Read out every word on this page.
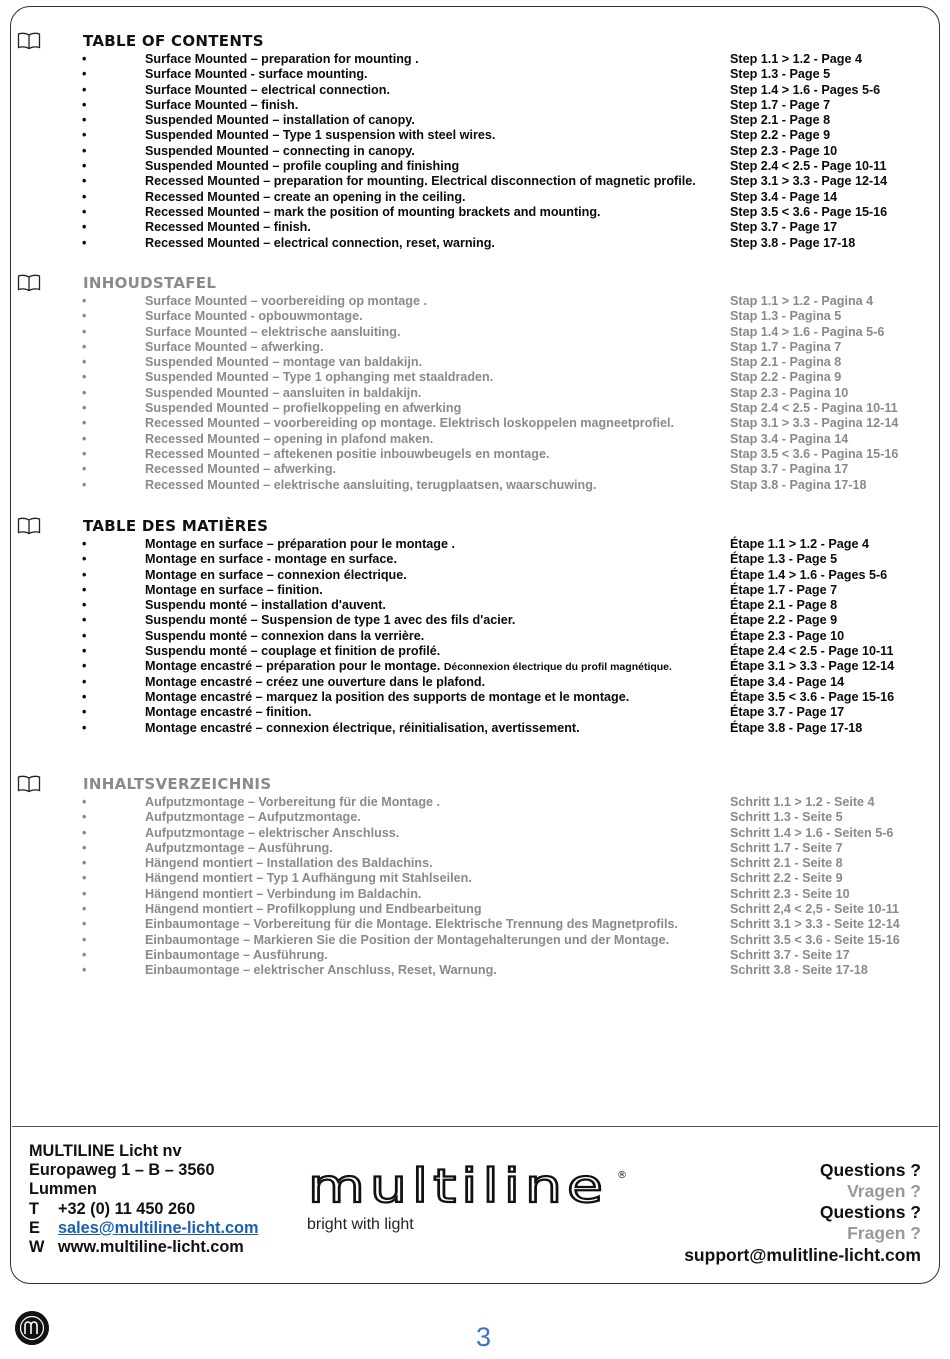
TABLE OF CONTENTS
•	Surface Mounted – preparation for mounting .	Step 1.1 > 1.2 - Page 4
•	Surface Mounted - surface mounting.	Step 1.3 - Page 5
•	Surface Mounted – electrical connection.	Step 1.4 > 1.6 - Pages 5-6
•	Surface Mounted – finish.	Step 1.7 - Page 7
•	Suspended Mounted – installation of canopy.	Step 2.1 - Page 8
•	Suspended Mounted – Type 1 suspension with steel wires.	Step 2.2 - Page 9
•	Suspended Mounted – connecting in canopy.	Step 2.3 - Page 10
•	Suspended Mounted – profile coupling and finishing	Step 2.4 < 2.5 - Page 10-11
•	Recessed Mounted – preparation for mounting. Electrical disconnection of magnetic profile.	Step 3.1 > 3.3 - Page 12-14
•	Recessed Mounted – create an opening in the ceiling.	Step 3.4 - Page 14
•	Recessed Mounted – mark the position of mounting brackets and mounting.	Step 3.5 < 3.6 - Page 15-16
•	Recessed Mounted – finish.	Step 3.7 - Page 17
•	Recessed Mounted – electrical connection, reset, warning.	Step 3.8 - Page 17-18
INHOUDSTAFEL
•	Surface Mounted – voorbereiding op montage .	Stap 1.1 > 1.2 - Pagina 4
•	Surface Mounted - opbouwmontage.	Stap 1.3 - Pagina 5
•	Surface Mounted – elektrische aansluiting.	Stap 1.4 > 1.6 - Pagina 5-6
•	Surface Mounted – afwerking.	Stap 1.7 - Pagina 7
•	Suspended Mounted – montage van baldakijn.	Stap 2.1 - Pagina 8
•	Suspended Mounted – Type 1 ophanging met staaldraden.	Stap 2.2 - Pagina 9
•	Suspended Mounted – aansluiten in baldakijn.	Stap 2.3 - Pagina 10
•	Suspended Mounted – profielkoppeling en afwerking	Stap 2.4 < 2.5 - Pagina 10-11
•	Recessed Mounted – voorbereiding op montage. Elektrisch loskoppelen magneetprofiel.	Stap 3.1 > 3.3 - Pagina 12-14
•	Recessed Mounted – opening in plafond maken.	Stap 3.4 - Pagina 14
•	Recessed Mounted – aftekenen positie inbouwbeugels en montage.	Stap 3.5 < 3.6 - Pagina 15-16
•	Recessed Mounted – afwerking.	Stap 3.7 - Pagina 17
•	Recessed Mounted – elektrische aansluiting, terugplaatsen, waarschuwing.	Stap 3.8 - Pagina 17-18
TABLE DES MATIÈRES
•	Montage en surface – préparation pour le montage .	Étape 1.1 > 1.2 - Page 4
•	Montage en surface - montage en surface.	Étape 1.3 - Page 5
•	Montage en surface – connexion électrique.	Étape 1.4 > 1.6 - Pages 5-6
•	Montage en surface – finition.	Étape 1.7 - Page 7
•	Suspendu monté – installation d'auvent.	Étape 2.1 - Page 8
•	Suspendu monté – Suspension de type 1 avec des fils d'acier.	Étape 2.2 - Page 9
•	Suspendu monté – connexion dans la verrière.	Étape 2.3 - Page 10
•	Suspendu monté – couplage et finition de profilé.	Étape 2.4 < 2.5 - Page 10-11
•	Montage encastré – préparation pour le montage. Déconnexion électrique du profil magnétique.	Étape 3.1 > 3.3 - Page 12-14
•	Montage encastré – créez une ouverture dans le plafond.	Étape 3.4 - Page 14
•	Montage encastré – marquez la position des supports de montage et le montage.	Étape 3.5 < 3.6 - Page 15-16
•	Montage encastré – finition.	Étape 3.7 - Page 17
•	Montage encastré – connexion électrique, réinitialisation, avertissement.	Étape 3.8 - Page 17-18
INHALTSVERZEICHNIS
•	Aufputzmontage – Vorbereitung für die Montage .	Schritt 1.1 > 1.2 - Seite 4
•	Aufputzmontage – Aufputzmontage.	Schritt 1.3 - Seite 5
•	Aufputzmontage – elektrischer Anschluss.	Schritt 1.4 > 1.6 - Seiten 5-6
•	Aufputzmontage – Ausführung.	Schritt 1.7 - Seite 7
•	Hängend montiert – Installation des Baldachins.	Schritt 2.1 - Seite 8
•	Hängend montiert – Typ 1 Aufhängung mit Stahlseilen.	Schritt 2.2 - Seite 9
•	Hängend montiert – Verbindung im Baldachin.	Schritt 2.3 - Seite 10
•	Hängend montiert – Profilkopplung und Endbearbeitung	Schritt 2,4 < 2,5 - Seite 10-11
•	Einbaumontage – Vorbereitung für die Montage. Elektrische Trennung des Magnetprofils.	Schritt 3.1 > 3.3 - Seite 12-14
•	Einbaumontage – Markieren Sie die Position der Montagehalterungen und der Montage.	Schritt 3.5 < 3.6 - Seite 15-16
•	Einbaumontage – Ausführung.	Schritt 3.7 - Seite 17
•	Einbaumontage – elektrischer Anschluss, Reset, Warnung.	Schritt 3.8 - Seite 17-18
MULTILINE Licht nv
Europaweg 1 – B – 3560
Lummen
T +32 (0) 11 450 260
E sales@multiline-licht.com
W www.multiline-licht.com
multiline ®
bright with light
Questions ?
Vragen ?
Questions ?
Fragen ?
support@mulitline-licht.com
3
